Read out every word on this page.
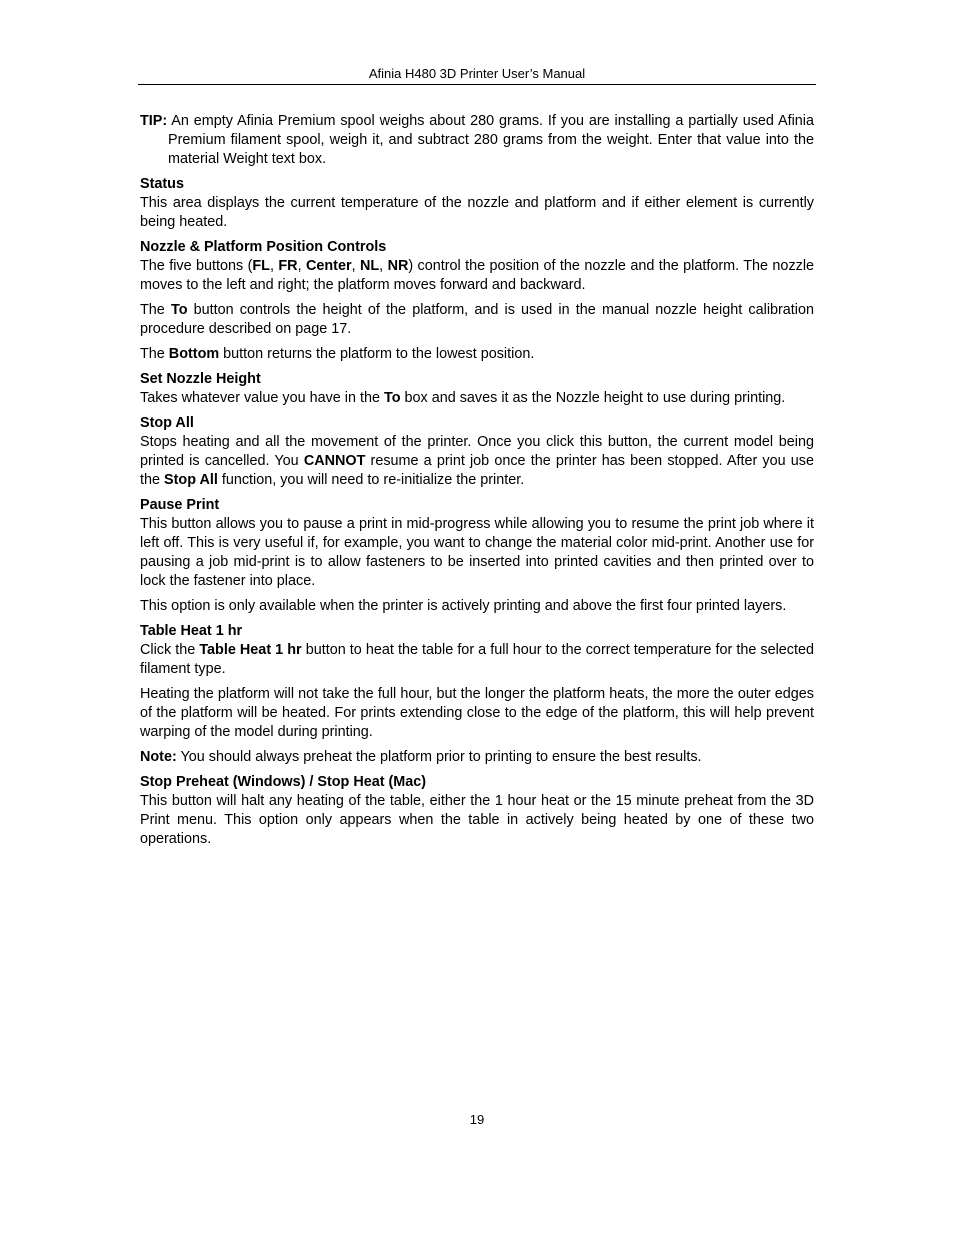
Afinia H480 3D Printer User’s Manual

TIP: An empty Afinia Premium spool weighs about 280 grams. If you are installing a partially used Afinia Premium filament spool, weigh it, and subtract 280 grams from the weight. Enter that value into the material Weight text box.

Status

This area displays the current temperature of the nozzle and platform and if either element is currently being heated.

Nozzle & Platform Position Controls

The five buttons (FL, FR, Center, NL, NR) control the position of the nozzle and the platform. The nozzle moves to the left and right; the platform moves forward and backward.

The To button controls the height of the platform, and is used in the manual nozzle height calibration procedure described on page 17.

The Bottom button returns the platform to the lowest position.

Set Nozzle Height

Takes whatever value you have in the To box and saves it as the Nozzle height to use during printing.

Stop All

Stops heating and all the movement of the printer. Once you click this button, the current model being printed is cancelled. You CANNOT resume a print job once the printer has been stopped. After you use the Stop All function, you will need to re-initialize the printer.

Pause Print

This button allows you to pause a print in mid-progress while allowing you to resume the print job where it left off. This is very useful if, for example, you want to change the material color mid-print. Another use for pausing a job mid-print is to allow fasteners to be inserted into printed cavities and then printed over to lock the fastener into place.

This option is only available when the printer is actively printing and above the first four printed layers.

Table Heat 1 hr

Click the Table Heat 1 hr button to heat the table for a full hour to the correct temperature for the selected filament type.

Heating the platform will not take the full hour, but the longer the platform heats, the more the outer edges of the platform will be heated. For prints extending close to the edge of the platform, this will help prevent warping of the model during printing.

Note: You should always preheat the platform prior to printing to ensure the best results.

Stop Preheat (Windows) / Stop Heat (Mac)

This button will halt any heating of the table, either the 1 hour heat or the 15 minute preheat from the 3D Print menu. This option only appears when the table in actively being heated by one of these two operations.

19
